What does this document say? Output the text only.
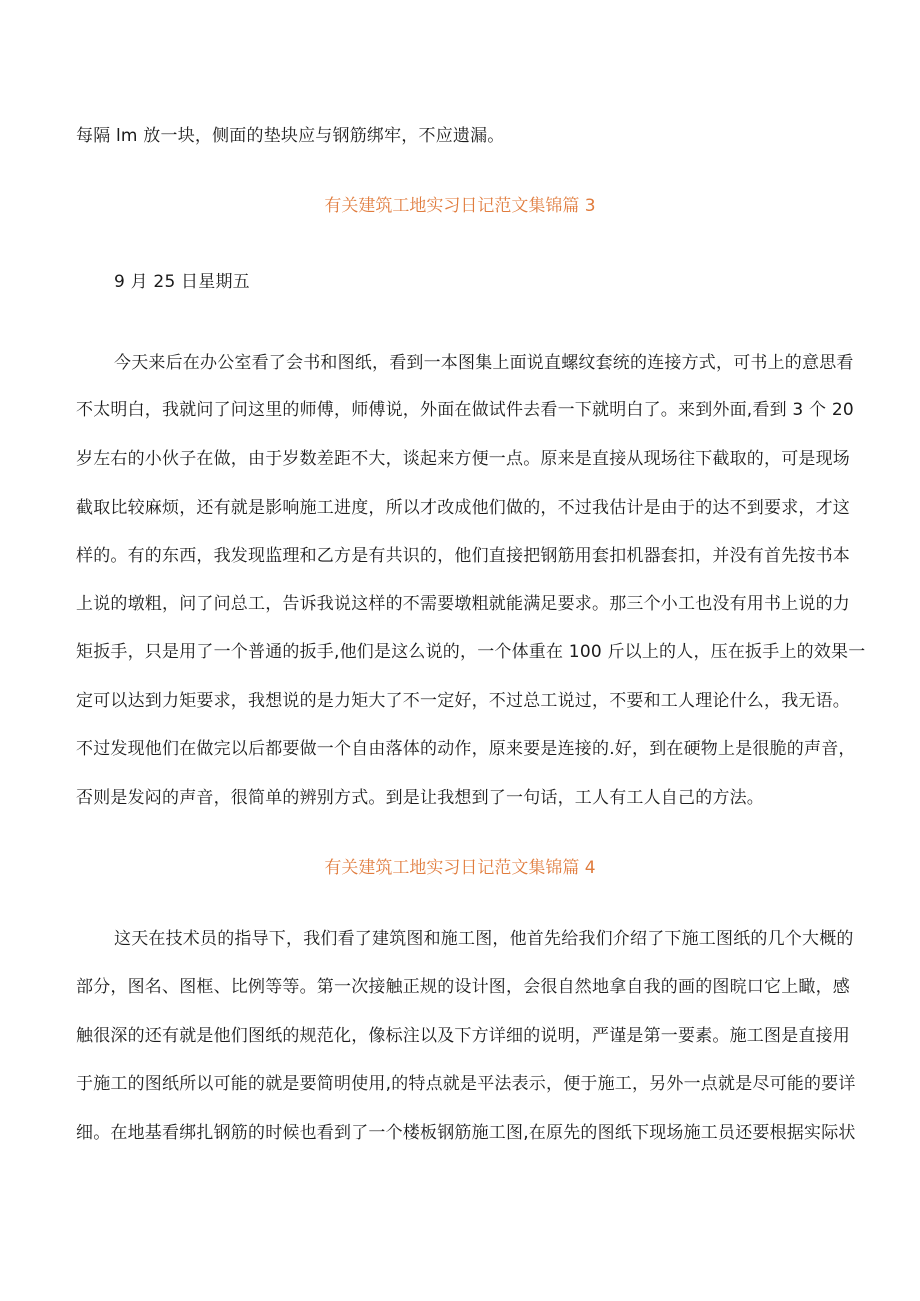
每隔 lm 放一块，侧面的垫块应与钢筋绑牢，不应遗漏。
有关建筑工地实习日记范文集锦篇 3
9 月 25 日星期五
今天来后在办公室看了会书和图纸，看到一本图集上面说直螺纹套统的连接方式，可书上的意思看
不太明白，我就问了问这里的师傅，师傅说，外面在做试件去看一下就明白了。来到外面,看到 3 个 20
岁左右的小伙子在做，由于岁数差距不大，谈起来方便一点。原来是直接从现场往下截取的，可是现场
截取比较麻烦，还有就是影响施工进度，所以才改成他们做的，不过我估计是由于的达不到要求，才这
样的。有的东西，我发现监理和乙方是有共识的，他们直接把钢筋用套扣机器套扣，并没有首先按书本
上说的墩粗，问了问总工，告诉我说这样的不需要墩粗就能满足要求。那三个小工也没有用书上说的力
矩扳手，只是用了一个普通的扳手,他们是这么说的，一个体重在 100 斤以上的人，压在扳手上的效果一
定可以达到力矩要求，我想说的是力矩大了不一定好，不过总工说过，不要和工人理论什么，我无语。
不过发现他们在做完以后都要做一个自由落体的动作，原来要是连接的.好，到在硬物上是很脆的声音，
否则是发闷的声音，很简单的辨别方式。到是让我想到了一句话，工人有工人自己的方法。
有关建筑工地实习日记范文集锦篇 4
这天在技术员的指导下，我们看了建筑图和施工图，他首先给我们介绍了下施工图纸的几个大概的
部分，图名、图框、比例等等。第一次接触正规的设计图，会很自然地拿自我的画的图晥口它上瞰，感
触很深的还有就是他们图纸的规范化，像标注以及下方详细的说明，严谨是第一要素。施工图是直接用
于施工的图纸所以可能的就是要简明使用,的特点就是平法表示，便于施工，另外一点就是尽可能的要详
细。在地基看绑扎钢筋的时候也看到了一个楼板钢筋施工图,在原先的图纸下现场施工员还要根据实际状
